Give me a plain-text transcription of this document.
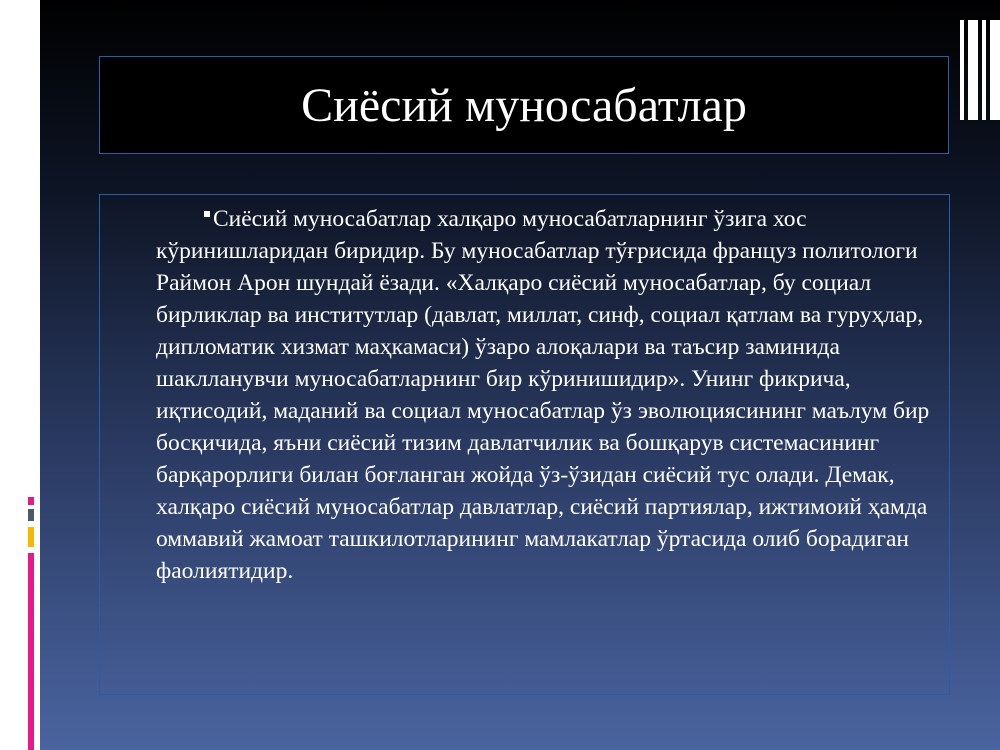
Сиёсий муносабатлар

Сиёсий муносабатлар халқаро муносабатларнинг ўзига хос кўринишларидан биридир. Бу муносабатлар тўғрисида француз политологи Раймон Арон шундай ёзади. «Халқаро сиёсий муносабатлар, бу социал бирликлар ва институтлар (давлат, миллат, синф, социал қатлам ва гуруҳлар, дипломатик хизмат маҳкамаси) ўзаро алоқалари ва таъсир заминида шаклланувчи муносабатларнинг бир кўринишидир». Унинг фикрича, иқтисодий, маданий ва социал муносабатлар ўз эволюциясининг маълум бир босқичида, яъни сиёсий тизим давлатчилик ва бошқарув системасининг барқарорлиги билан боғланган жойда ўз-ўзидан сиёсий тус олади. Демак, халқаро сиёсий муносабатлар давлатлар, сиёсий партиялар, ижтимоий ҳамда оммавий жамоат ташкилотларининг мамлакатлар ўртасида олиб борадиган фаолиятидир.
